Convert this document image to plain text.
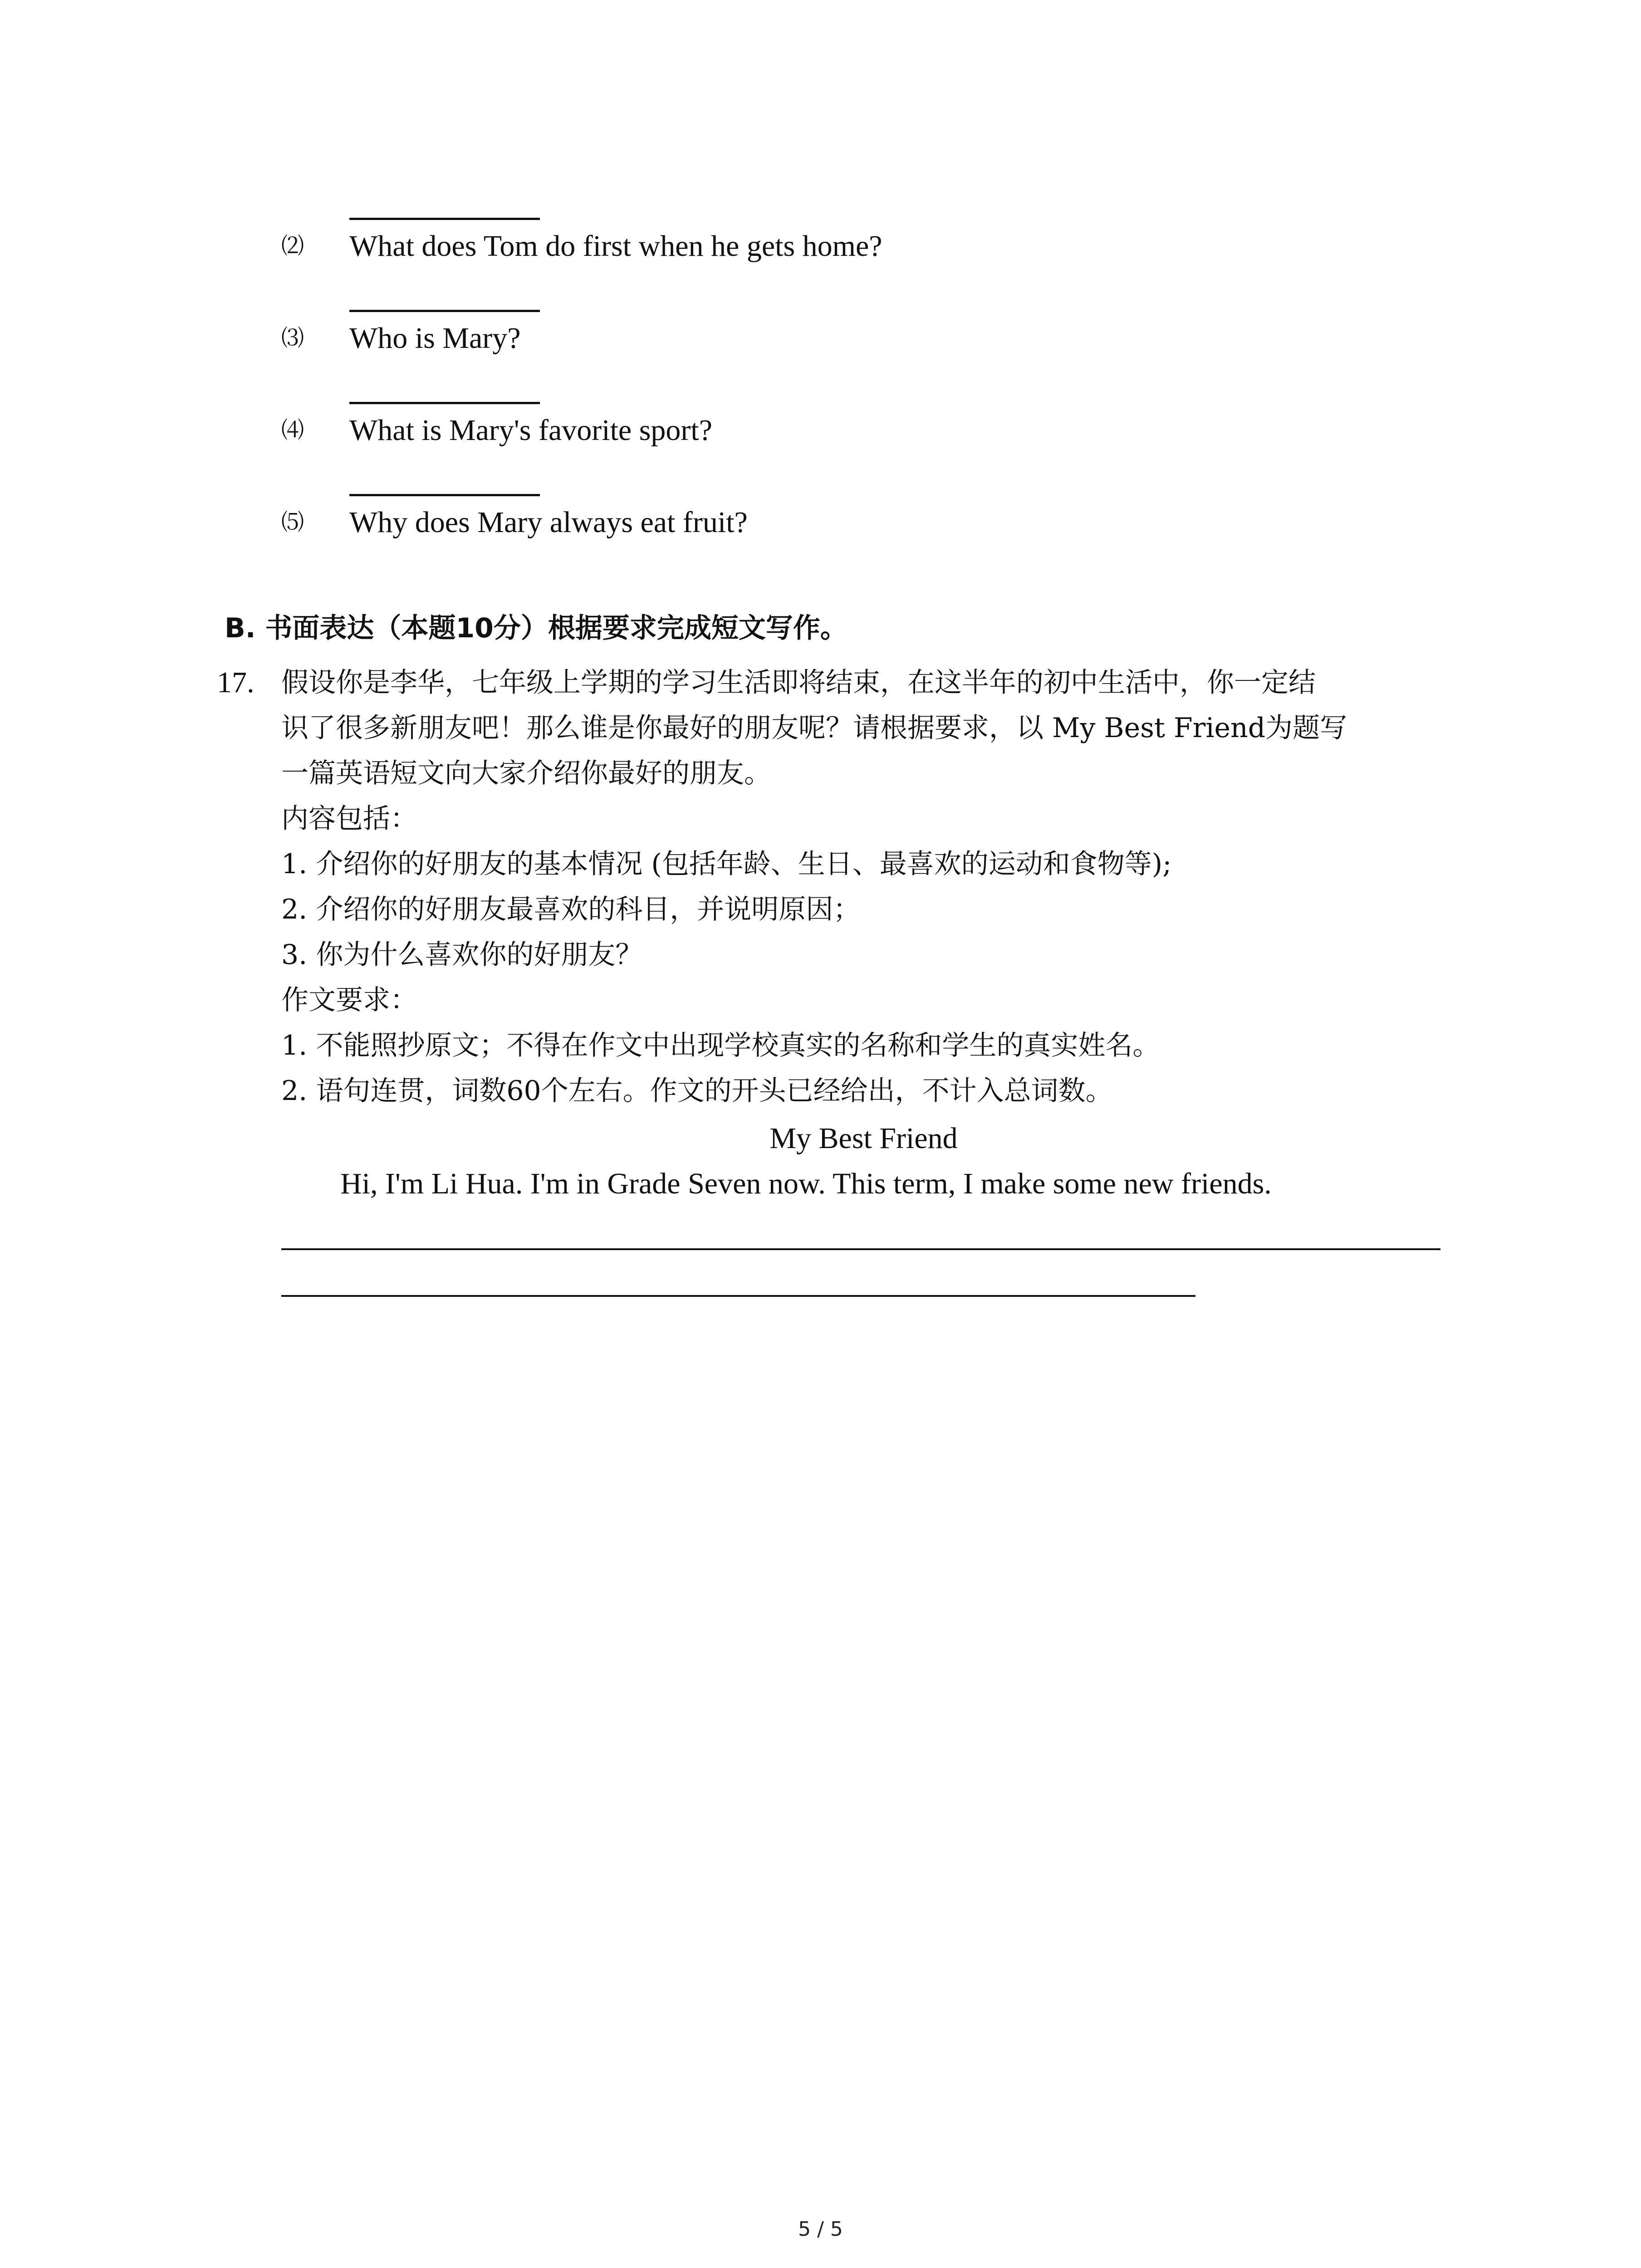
⑵ What does Tom do first when he gets home?
⑶ Who is Mary?
⑷ What is Mary's favorite sport?
⑸ Why does Mary always eat fruit?
B. 书面表达（本题10分）根据要求完成短文写作。
17. 假设你是李华，七年级上学期的学习生活即将结束，在这半年的初中生活中，你一定结
识了很多新朋友吧！那么谁是你最好的朋友呢？请根据要求，以 My Best Friend为题写
一篇英语短文向大家介绍你最好的朋友。
内容包括：
1. 介绍你的好朋友的基本情况 (包括年龄、生日、最喜欢的运动和食物等);
2. 介绍你的好朋友最喜欢的科目，并说明原因；
3. 你为什么喜欢你的好朋友？
作文要求：
1. 不能照抄原文；不得在作文中出现学校真实的名称和学生的真实姓名。
2. 语句连贯，词数60个左右。作文的开头已经给出，不计入总词数。
My Best Friend
Hi, I'm Li Hua. I'm in Grade Seven now. This term, I make some new friends.
5 / 5
